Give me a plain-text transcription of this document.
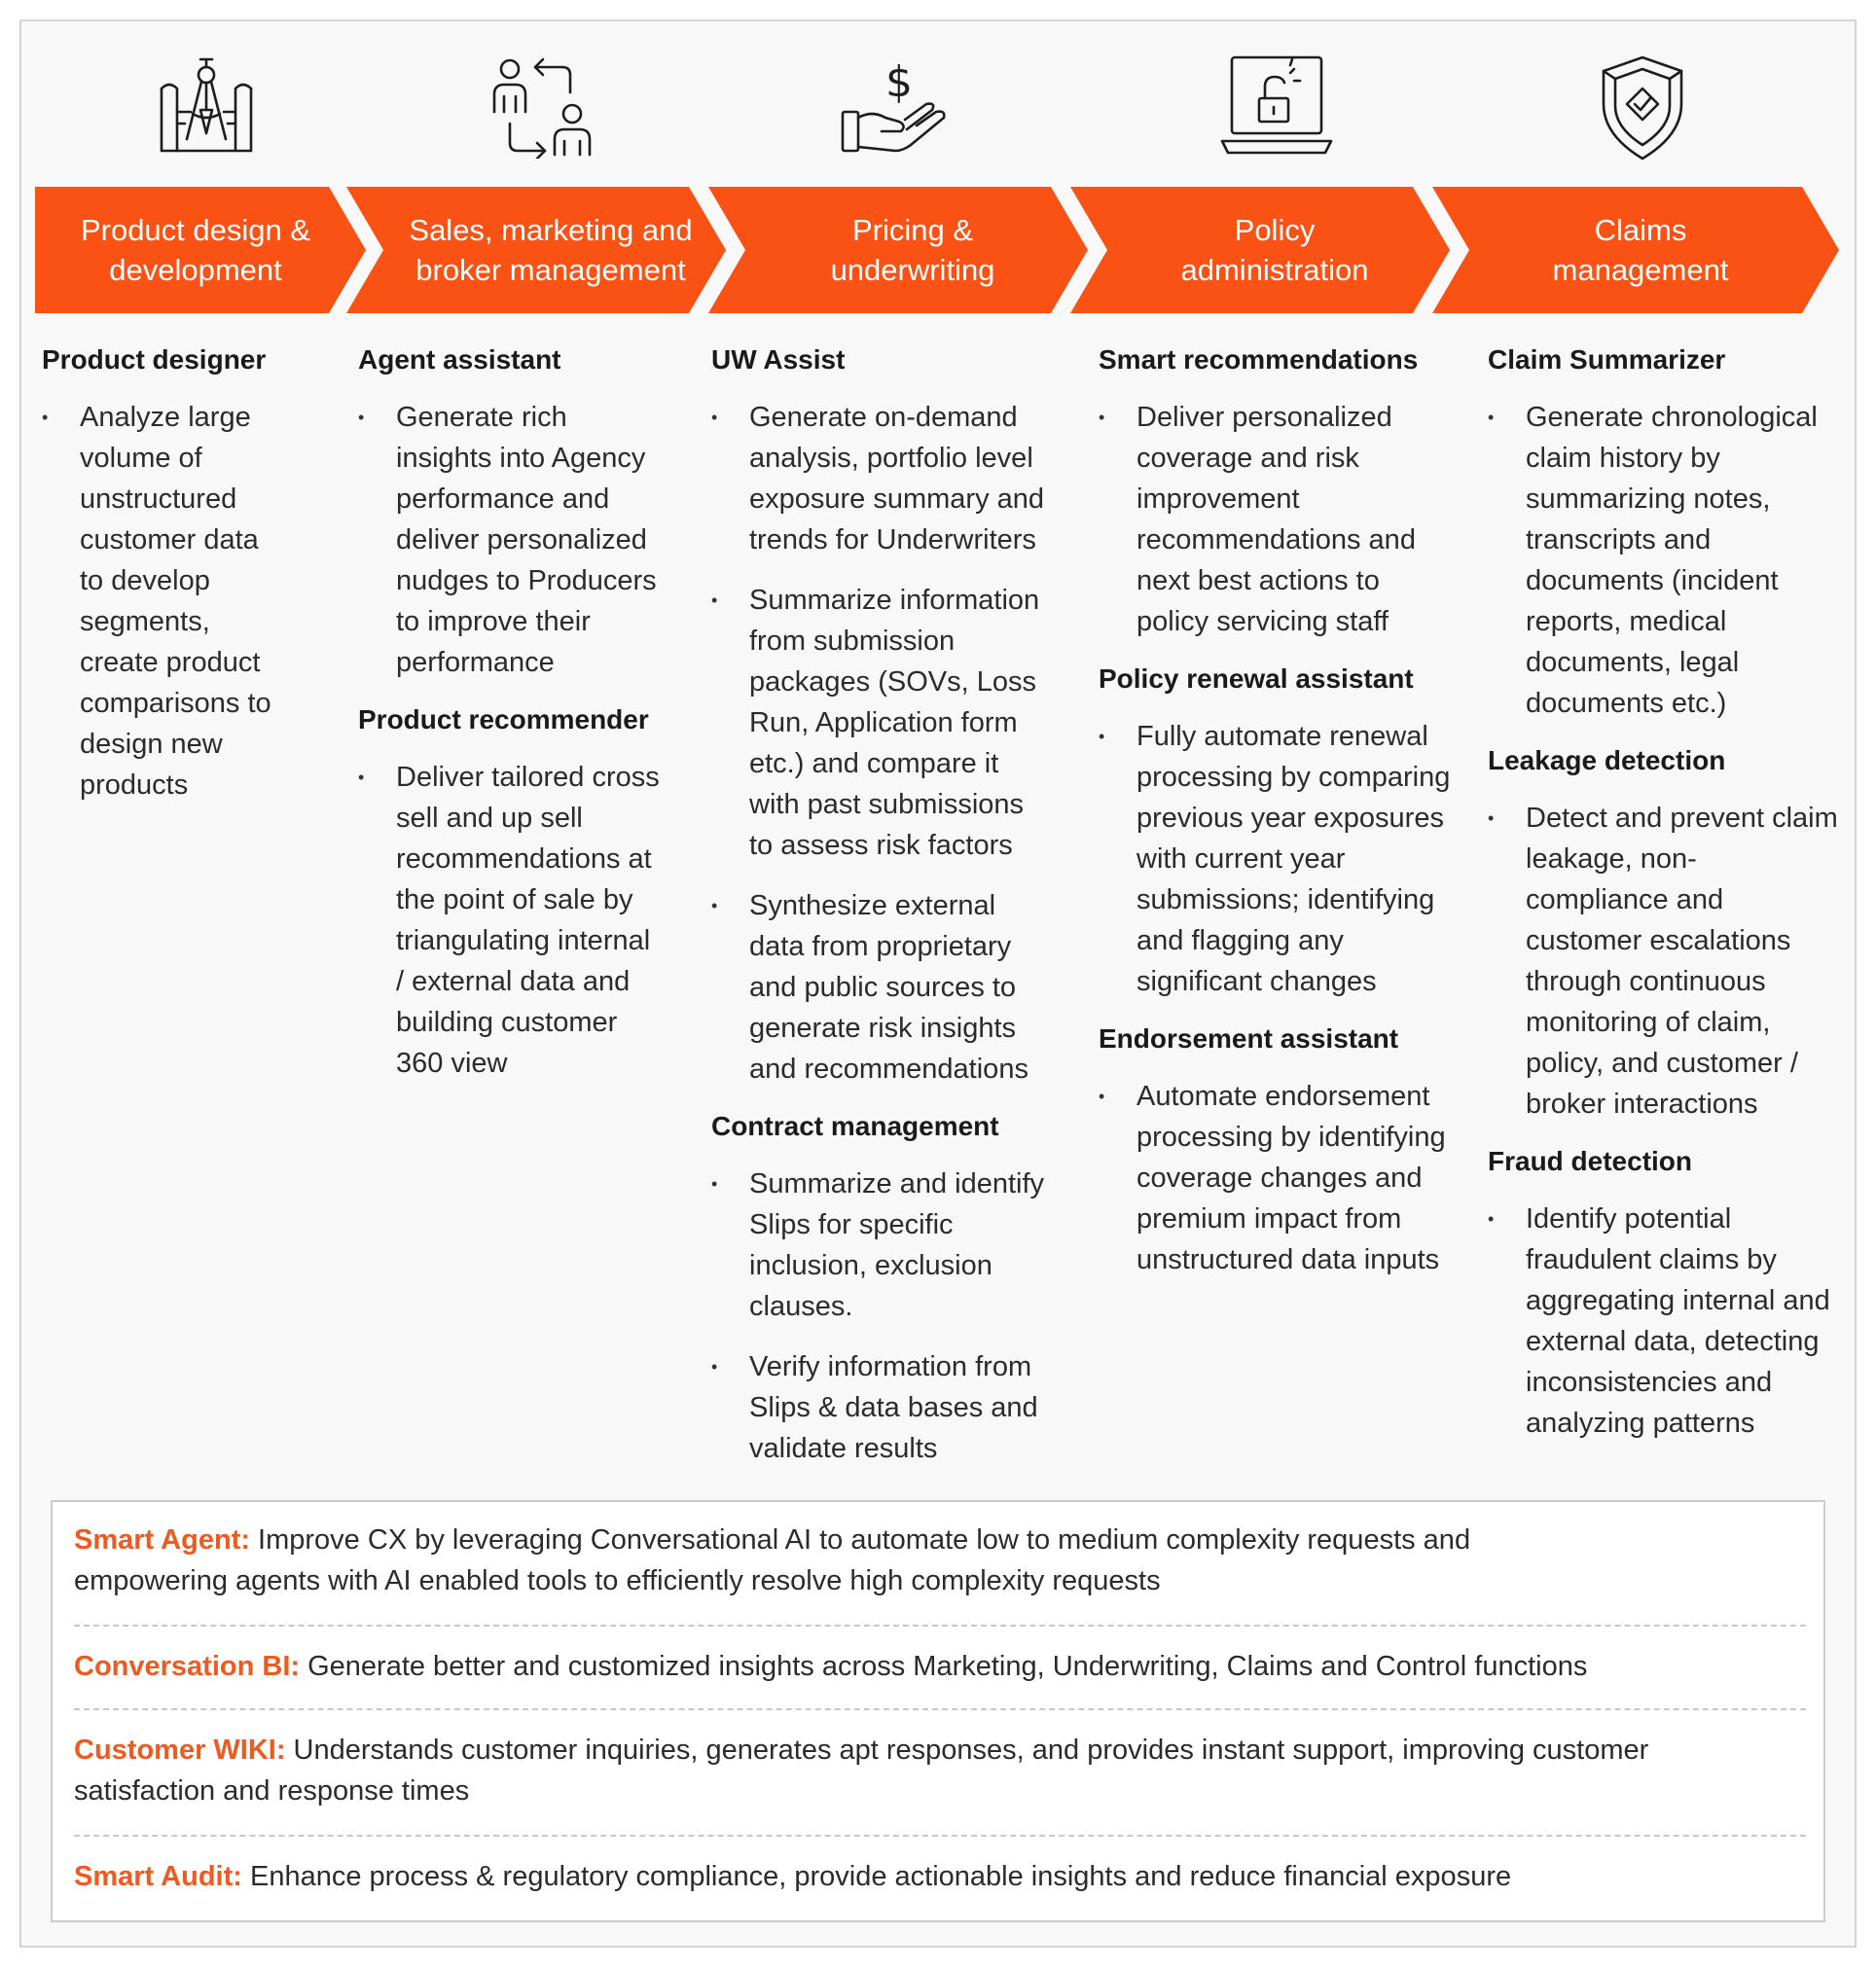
$
Product design &
development
Sales, marketing and
broker management
Pricing &
underwriting
Policy
administration
Claims
management
Product designer
• Analyze large volume of unstructured customer data to develop segments, create product comparisons to design new products
Agent assistant
• Generate rich insights into Agency performance and deliver personalized nudges to Producers to improve their performance
Product recommender
• Deliver tailored cross sell and up sell recommendations at the point of sale by triangulating internal / external data and building customer 360 view
UW Assist
• Generate on-demand analysis, portfolio level exposure summary and trends for Underwriters
• Summarize information from submission packages (SOVs, Loss Run, Application form etc.) and compare it with past submissions to assess risk factors
• Synthesize external data from proprietary and public sources to generate risk insights and recommendations
Contract management
• Summarize and identify Slips for specific inclusion, exclusion clauses.
• Verify information from Slips & data bases and validate results
Smart recommendations
• Deliver personalized coverage and risk improvement recommendations and next best actions to policy servicing staff
Policy renewal assistant
• Fully automate renewal processing by comparing previous year exposures with current year submissions; identifying and flagging any significant changes
Endorsement assistant
• Automate endorsement processing by identifying coverage changes and premium impact from unstructured data inputs
Claim Summarizer
• Generate chronological claim history by summarizing notes, transcripts and documents (incident reports, medical documents, legal documents etc.)
Leakage detection
• Detect and prevent claim leakage, non-compliance and customer escalations through continuous monitoring of claim, policy, and customer / broker interactions
Fraud detection
• Identify potential fraudulent claims by aggregating internal and external data, detecting inconsistencies and analyzing patterns
Smart Agent: Improve CX by leveraging Conversational AI to automate low to medium complexity requests and empowering agents with AI enabled tools to efficiently resolve high complexity requests
Conversation BI: Generate better and customized insights across Marketing, Underwriting, Claims and Control functions
Customer WIKI: Understands customer inquiries, generates apt responses, and provides instant support, improving customer satisfaction and response times
Smart Audit: Enhance process & regulatory compliance, provide actionable insights and reduce financial exposure
